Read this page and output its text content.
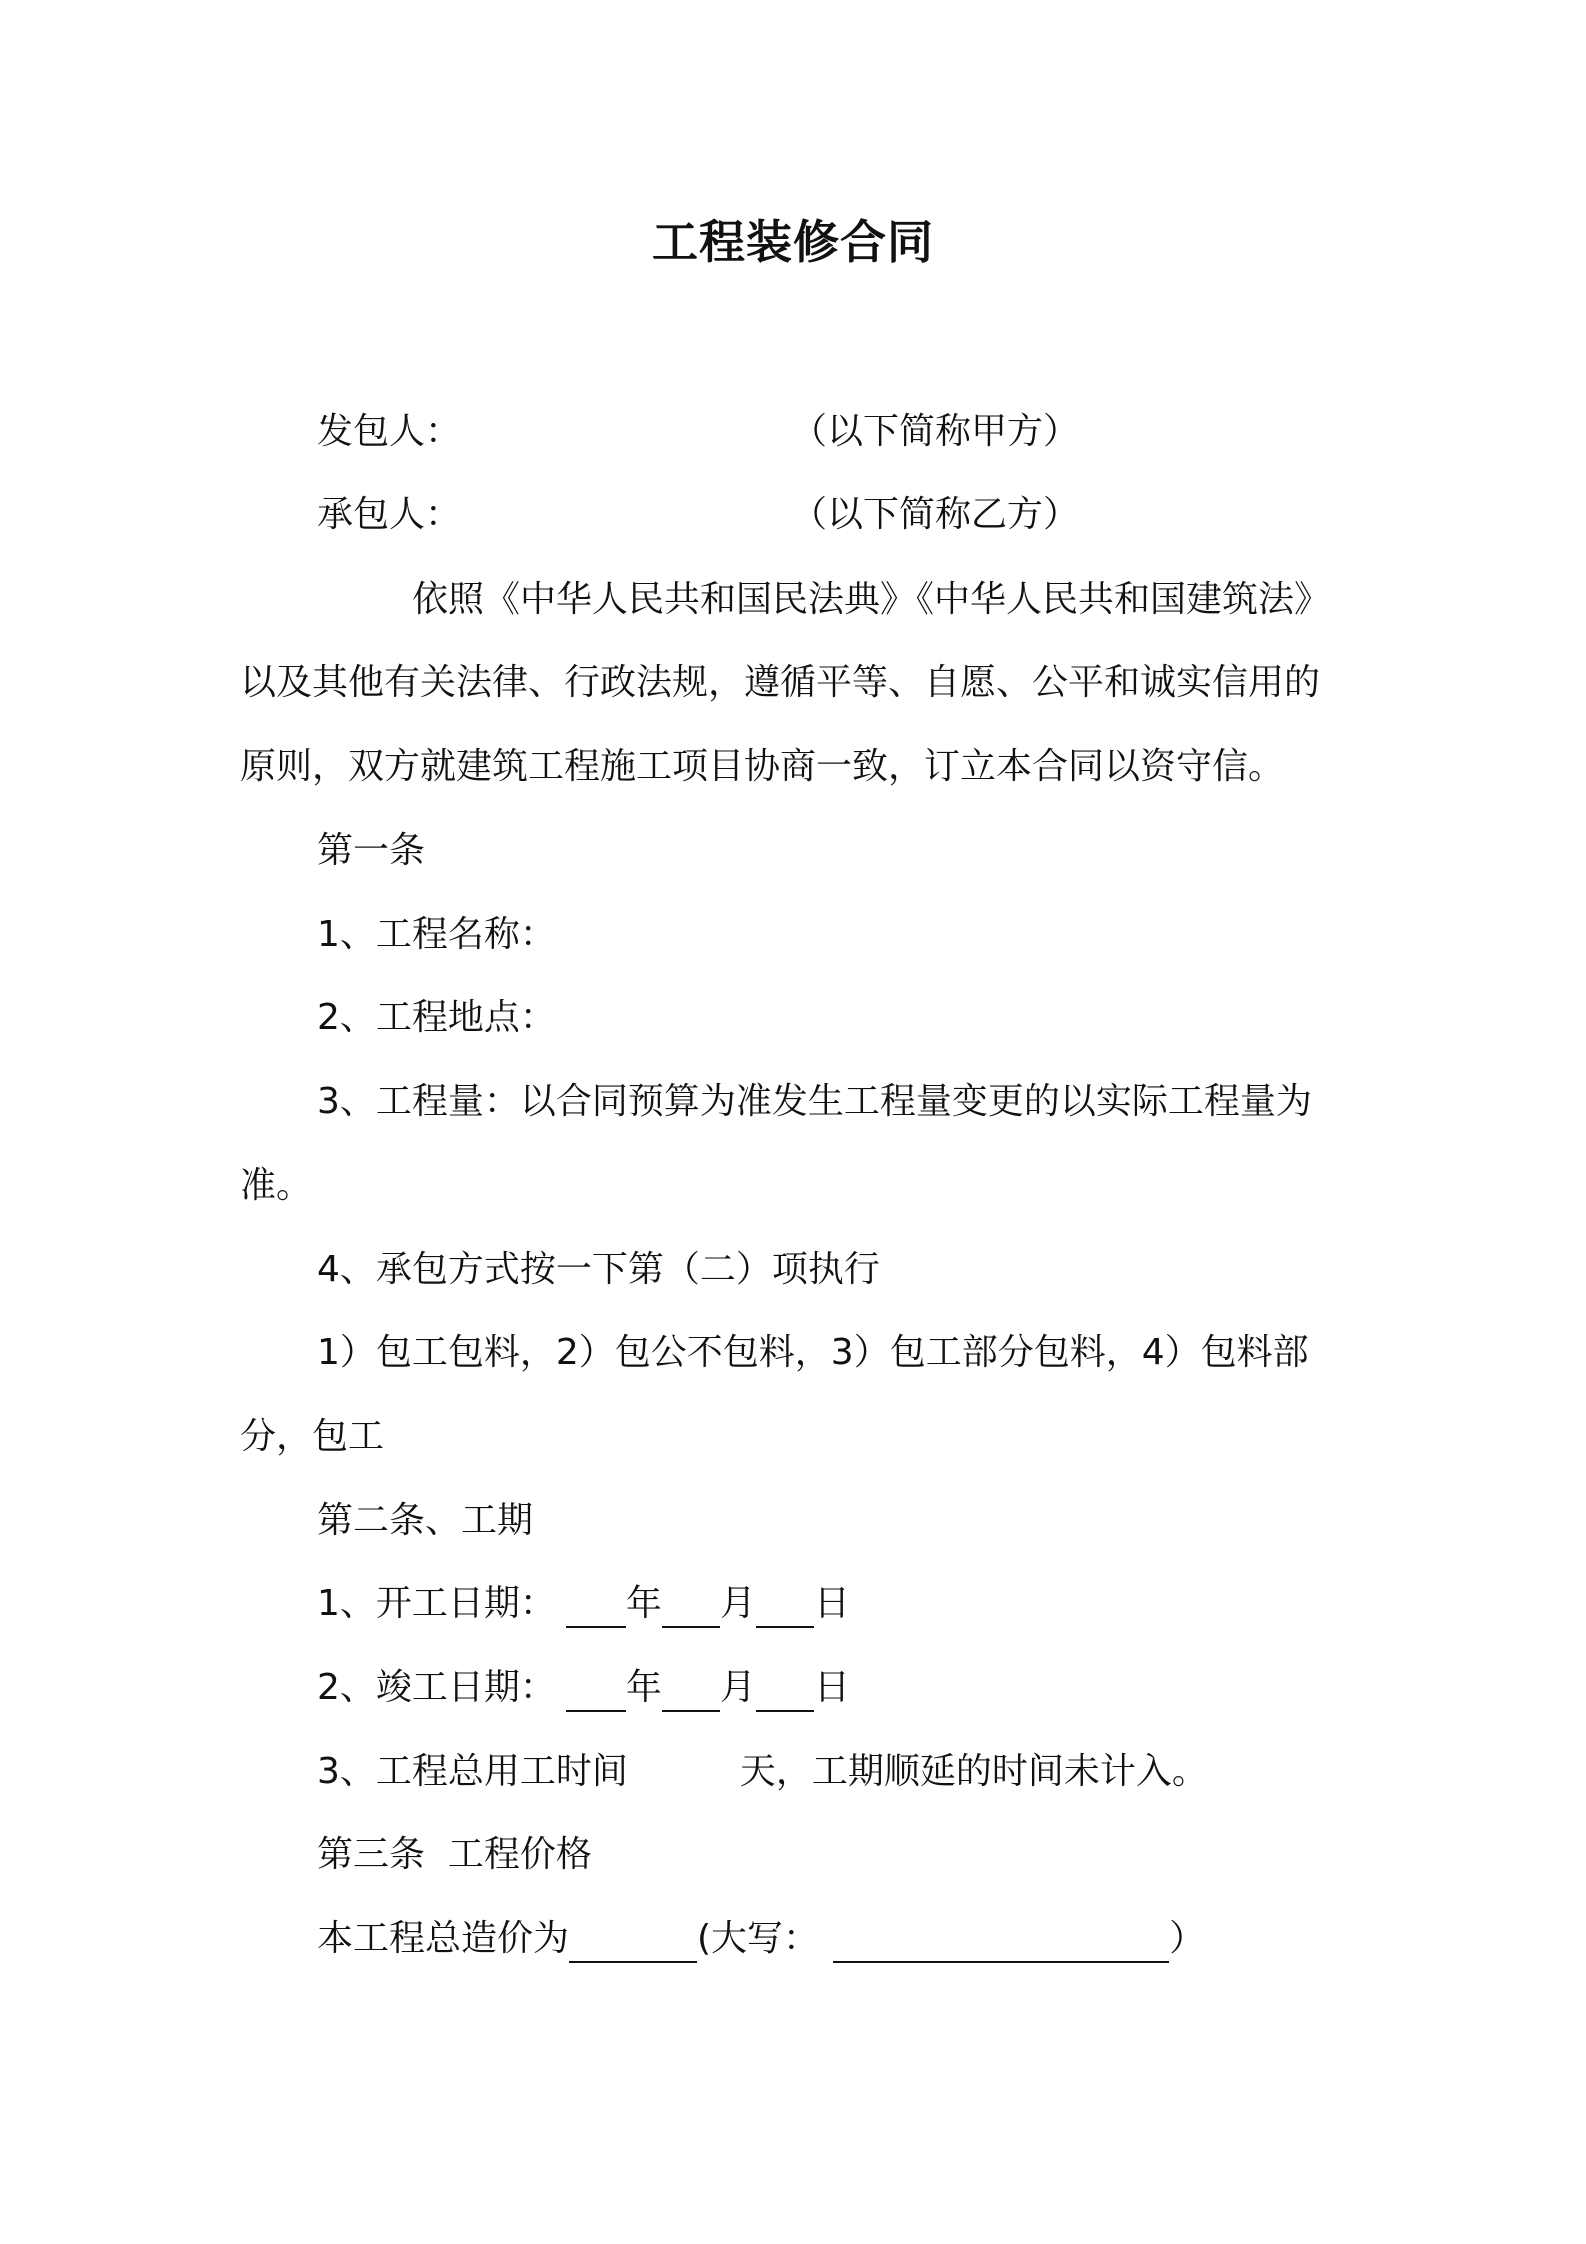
工程装修合同
发包人：	（以下简称甲方）
承包人：	（以下简称乙方）
依照《中华人民共和国民法典》《中华人民共和国建筑法》
以及其他有关法律、行政法规，遵循平等、自愿、公平和诚实信用的
原则，双方就建筑工程施工项目协商一致，订立本合同以资守信。
第一条
1、工程名称：
2、工程地点：
3、工程量：以合同预算为准发生工程量变更的以实际工程量为
准。
4、承包方式按一下第（二）项执行
1）包工包料，2）包公不包料，3）包工部分包料，4）包料部
分，包工
第二条、工期
1、开工日期： 年 月 日
2、竣工日期： 年 月 日
3、工程总用工时间	天，工期顺延的时间未计入。
第三条  工程价格
本工程总造价为	(大写：	）
